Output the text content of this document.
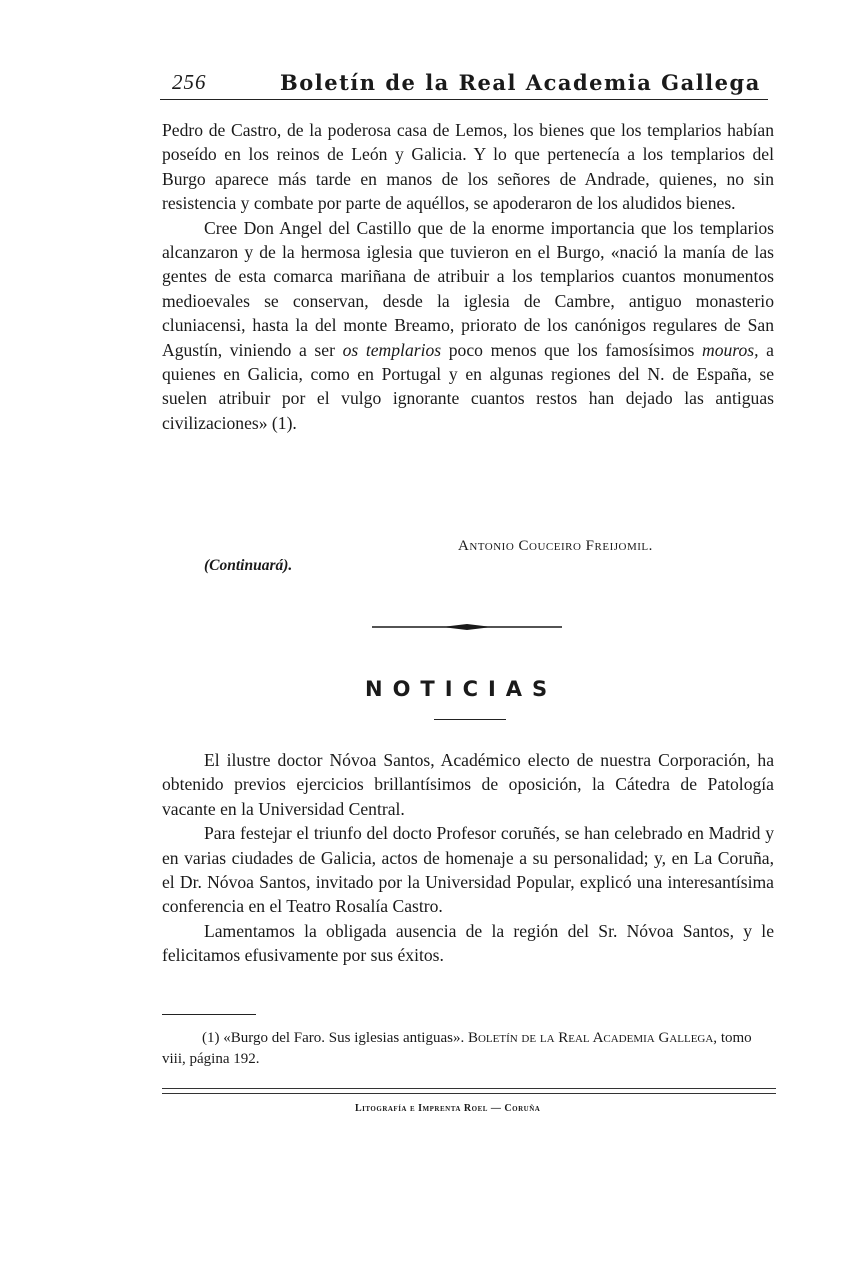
256	Boletín de la Real Academia Gallega

Pedro de Castro, de la poderosa casa de Lemos, los bienes que los templarios habían poseído en los reinos de León y Galicia. Y lo que pertenecía a los templarios del Burgo aparece más tarde en manos de los señores de Andrade, quienes, no sin resistencia y combate por parte de aquéllos, se apoderaron de los aludidos bienes.

Cree Don Angel del Castillo que de la enorme importancia que los templarios alcanzaron y de la hermosa iglesia que tuvieron en el Burgo, «nació la manía de las gentes de esta comarca mariñana de atribuir a los templarios cuantos monumentos medioevales se conservan, desde la iglesia de Cambre, antiguo monasterio cluniacensi, hasta la del monte Breamo, priorato de los canónigos regulares de San Agustín, viniendo a ser os templarios poco menos que los famosísimos mouros, a quienes en Galicia, como en Portugal y en algunas regiones del N. de España, se suelen atribuir por el vulgo ignorante cuantos restos han dejado las antiguas civilizaciones» (1).

Antonio Couceiro Freijomil.
(Continuará).
NOTICIAS

El ilustre doctor Nóvoa Santos, Académico electo de nuestra Corporación, ha obtenido previos ejercicios brillantísimos de oposición, la Cátedra de Patología vacante en la Universidad Central.

Para festejar el triunfo del docto Profesor coruñés, se han celebrado en Madrid y en varias ciudades de Galicia, actos de homenaje a su personalidad; y, en La Coruña, el Dr. Nóvoa Santos, invitado por la Universidad Popular, explicó una interesantísima conferencia en el Teatro Rosalía Castro.

Lamentamos la obligada ausencia de la región del Sr. Nóvoa Santos, y le felicitamos efusivamente por sus éxitos.

(1) «Burgo del Faro. Sus iglesias antiguas». Boletín de la Real Academia Gallega, tomo viii, página 192.

Litografía e Imprenta Roel — Coruña
